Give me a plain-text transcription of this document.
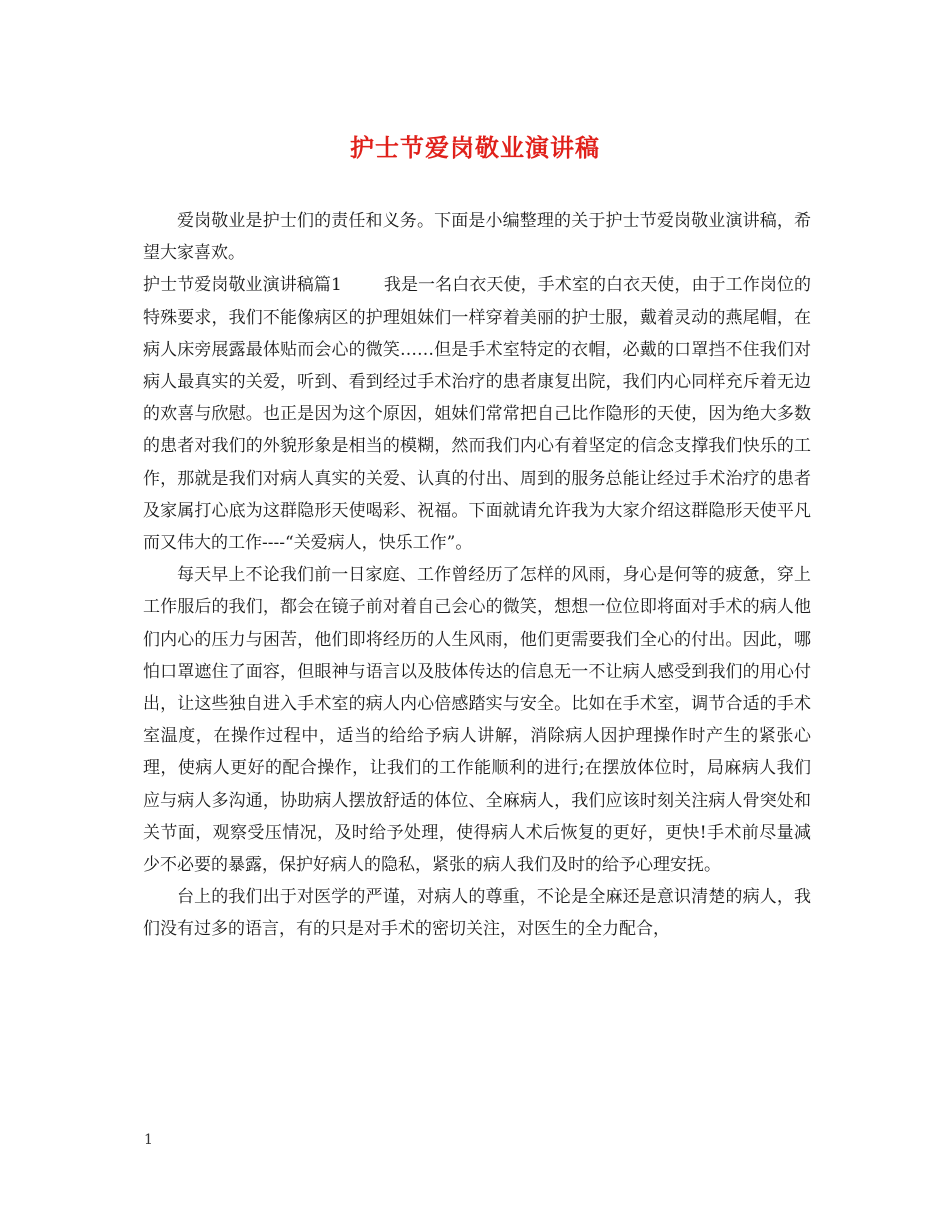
护士节爱岗敬业演讲稿

爱岗敬业是护士们的责任和义务。下面是小编整理的关于护士节爱岗敬业演讲稿，希望大家喜欢。

护士节爱岗敬业演讲稿篇1 我是一名白衣天使，手术室的白衣天使，由于工作岗位的特殊要求，我们不能像病区的护理姐妹们一样穿着美丽的护士服，戴着灵动的燕尾帽，在病人床旁展露最体贴而会心的微笑……但是手术室特定的衣帽，必戴的口罩挡不住我们对病人最真实的关爱，听到、看到经过手术治疗的患者康复出院，我们内心同样充斥着无边的欢喜与欣慰。也正是因为这个原因，姐妹们常常把自己比作隐形的天使，因为绝大多数的患者对我们的外貌形象是相当的模糊，然而我们内心有着坚定的信念支撑我们快乐的工作，那就是我们对病人真实的关爱、认真的付出、周到的服务总能让经过手术治疗的患者及家属打心底为这群隐形天使喝彩、祝福。下面就请允许我为大家介绍这群隐形天使平凡而又伟大的工作----“关爱病人，快乐工作”。

每天早上不论我们前一日家庭、工作曾经历了怎样的风雨，身心是何等的疲惫，穿上工作服后的我们，都会在镜子前对着自己会心的微笑，想想一位位即将面对手术的病人他们内心的压力与困苦，他们即将经历的人生风雨，他们更需要我们全心的付出。因此，哪怕口罩遮住了面容，但眼神与语言以及肢体传达的信息无一不让病人感受到我们的用心付出，让这些独自进入手术室的病人内心倍感踏实与安全。比如在手术室，调节合适的手术室温度，在操作过程中，适当的给给予病人讲解，消除病人因护理操作时产生的紧张心理，使病人更好的配合操作，让我们的工作能顺利的进行;在摆放体位时，局麻病人我们应与病人多沟通，协助病人摆放舒适的体位、全麻病人，我们应该时刻关注病人骨突处和关节面，观察受压情况，及时给予处理，使得病人术后恢复的更好，更快!手术前尽量减少不必要的暴露，保护好病人的隐私，紧张的病人我们及时的给予心理安抚。

台上的我们出于对医学的严谨，对病人的尊重，不论是全麻还是意识清楚的病人，我们没有过多的语言，有的只是对手术的密切关注，对医生的全力配合，

1
